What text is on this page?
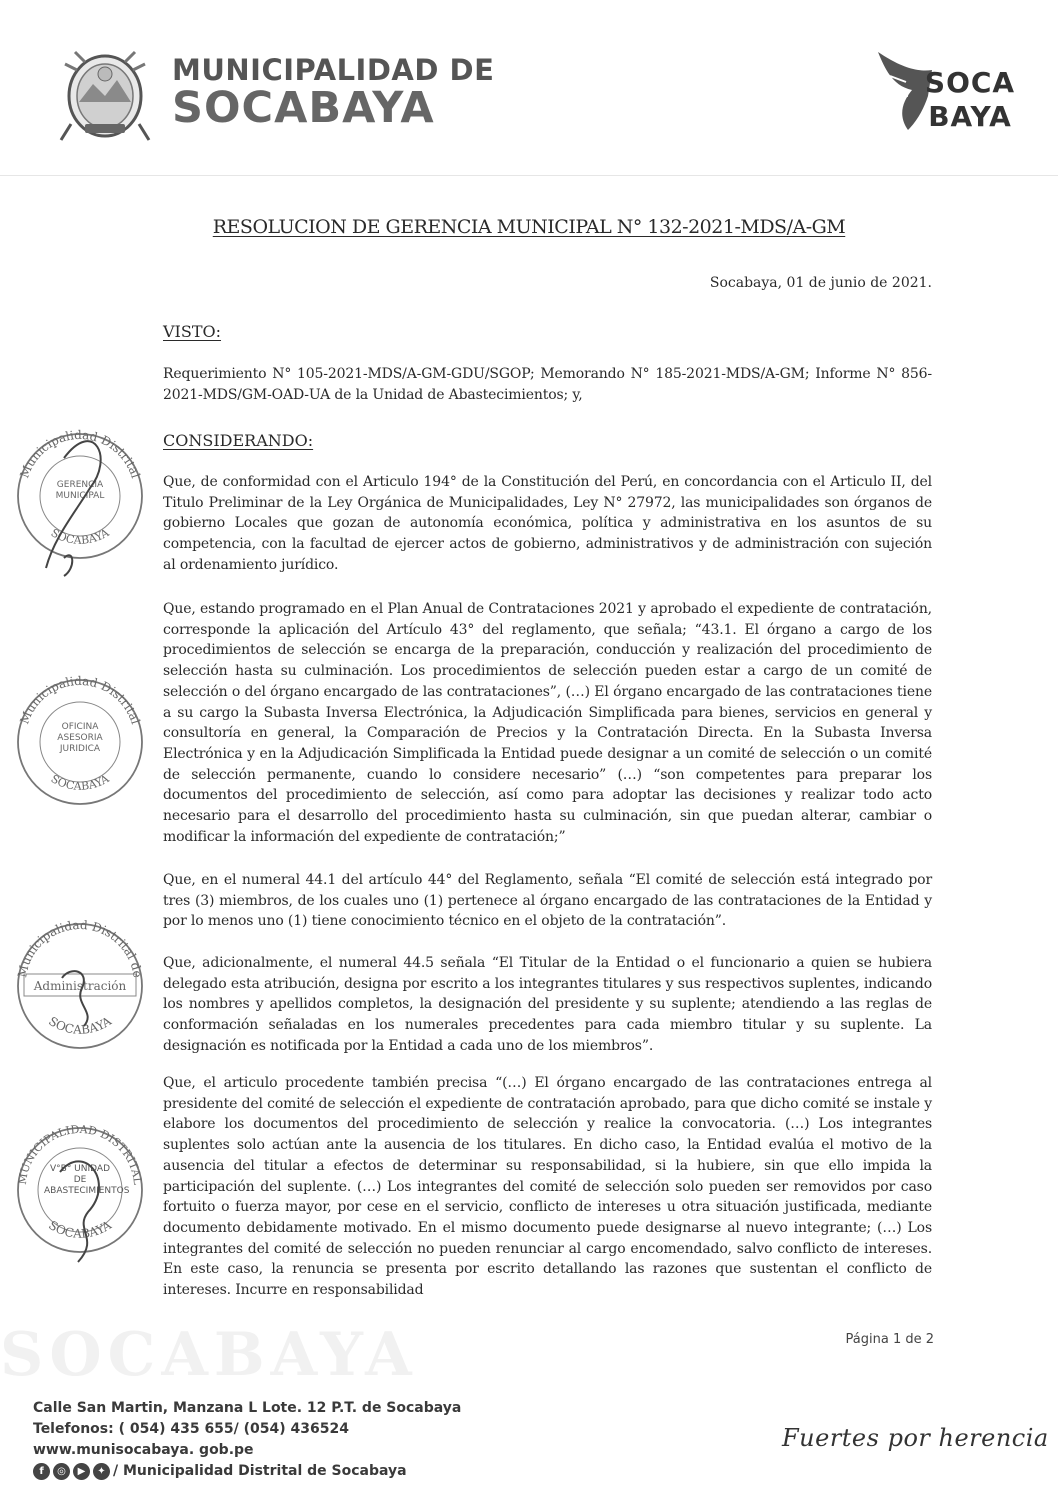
SOCABAYA
MUNICIPALIDAD DE
SOCABAYA
SOCA
BAYA
RESOLUCION DE GERENCIA MUNICIPAL N° 132-2021-MDS/A-GM
Socabaya, 01 de junio de 2021.
VISTO:
Requerimiento N° 105-2021-MDS/A-GM-GDU/SGOP; Memorando N° 185-2021-MDS/A-GM; Informe N° 856-2021-MDS/GM-OAD-UA de la Unidad de Abastecimientos; y,
CONSIDERANDO:
Que, de conformidad con el Articulo 194° de la Constitución del Perú, en concordancia con el Articulo II, del Titulo Preliminar de la Ley Orgánica de Municipalidades, Ley N° 27972, las municipalidades son órganos de gobierno Locales que gozan de autonomía económica, política y administrativa en los asuntos de su competencia, con la facultad de ejercer actos de gobierno, administrativos y de administración con sujeción al ordenamiento jurídico.
Que, estando programado en el Plan Anual de Contrataciones 2021 y aprobado el expediente de contratación, corresponde la aplicación del Artículo 43° del reglamento, que señala; “43.1. El órgano a cargo de los procedimientos de selección se encarga de la preparación, conducción y realización del procedimiento de selección hasta su culminación. Los procedimientos de selección pueden estar a cargo de un comité de selección o del órgano encargado de las contrataciones”, (…) El órgano encargado de las contrataciones tiene a su cargo la Subasta Inversa Electrónica, la Adjudicación Simplificada para bienes, servicios en general y consultoría en general, la Comparación de Precios y la Contratación Directa. En la Subasta Inversa Electrónica y en la Adjudicación Simplificada la Entidad puede designar a un comité de selección o un comité de selección permanente, cuando lo considere necesario” (…) “son competentes para preparar los documentos del procedimiento de selección, así como para adoptar las decisiones y realizar todo acto necesario para el desarrollo del procedimiento hasta su culminación, sin que puedan alterar, cambiar o modificar la información del expediente de contratación;”
Que, en el numeral 44.1 del artículo 44° del Reglamento, señala “El comité de selección está integrado por tres (3) miembros, de los cuales uno (1) pertenece al órgano encargado de las contrataciones de la Entidad y por lo menos uno (1) tiene conocimiento técnico en el objeto de la contratación”.
Que, adicionalmente, el numeral 44.5 señala “El Titular de la Entidad o el funcionario a quien se hubiera delegado esta atribución, designa por escrito a los integrantes titulares y sus respectivos suplentes, indicando los nombres y apellidos completos, la designación del presidente y su suplente; atendiendo a las reglas de conformación señaladas en los numerales precedentes para cada miembro titular y su suplente. La designación es notificada por la Entidad a cada uno de los miembros”.
Que, el articulo procedente también precisa “(…) El órgano encargado de las contrataciones entrega al presidente del comité de selección el expediente de contratación aprobado, para que dicho comité se instale y elabore los documentos del procedimiento de selección y realice la convocatoria. (…) Los integrantes suplentes solo actúan ante la ausencia de los titulares. En dicho caso, la Entidad evalúa el motivo de la ausencia del titular a efectos de determinar su responsabilidad, si la hubiere, sin que ello impida la participación del suplente. (…) Los integrantes del comité de selección solo pueden ser removidos por caso fortuito o fuerza mayor, por cese en el servicio, conflicto de intereses u otra situación justificada, mediante documento debidamente motivado. En el mismo documento puede designarse al nuevo integrante; (…) Los integrantes del comité de selección no pueden renunciar al cargo encomendado, salvo conflicto de intereses. En este caso, la renuncia se presenta por escrito detallando las razones que sustentan el conflicto de intereses. Incurre en responsabilidad
Municipalidad Distrital
GERENCIA MUNICIPAL
SOCABAYA
Municipalidad Distrital
OFICINA ASESORIA JURIDICA
SOCABAYA
Municipalidad Distrital de
Administración
SOCABAYA
MUNICIPALIDAD DISTRITAL
V°B° UNIDAD DE ABASTECIMIENTOS
SOCABAYA
Página 1 de 2
Calle San Martin, Manzana L Lote. 12 P.T. de Socabaya
Telefonos: ( 054) 435 655/ (054) 436524
www.munisocabaya. gob.pe
f	◎	▶	✦ / Municipalidad Distrital de Socabaya
Fuertes por herencia
